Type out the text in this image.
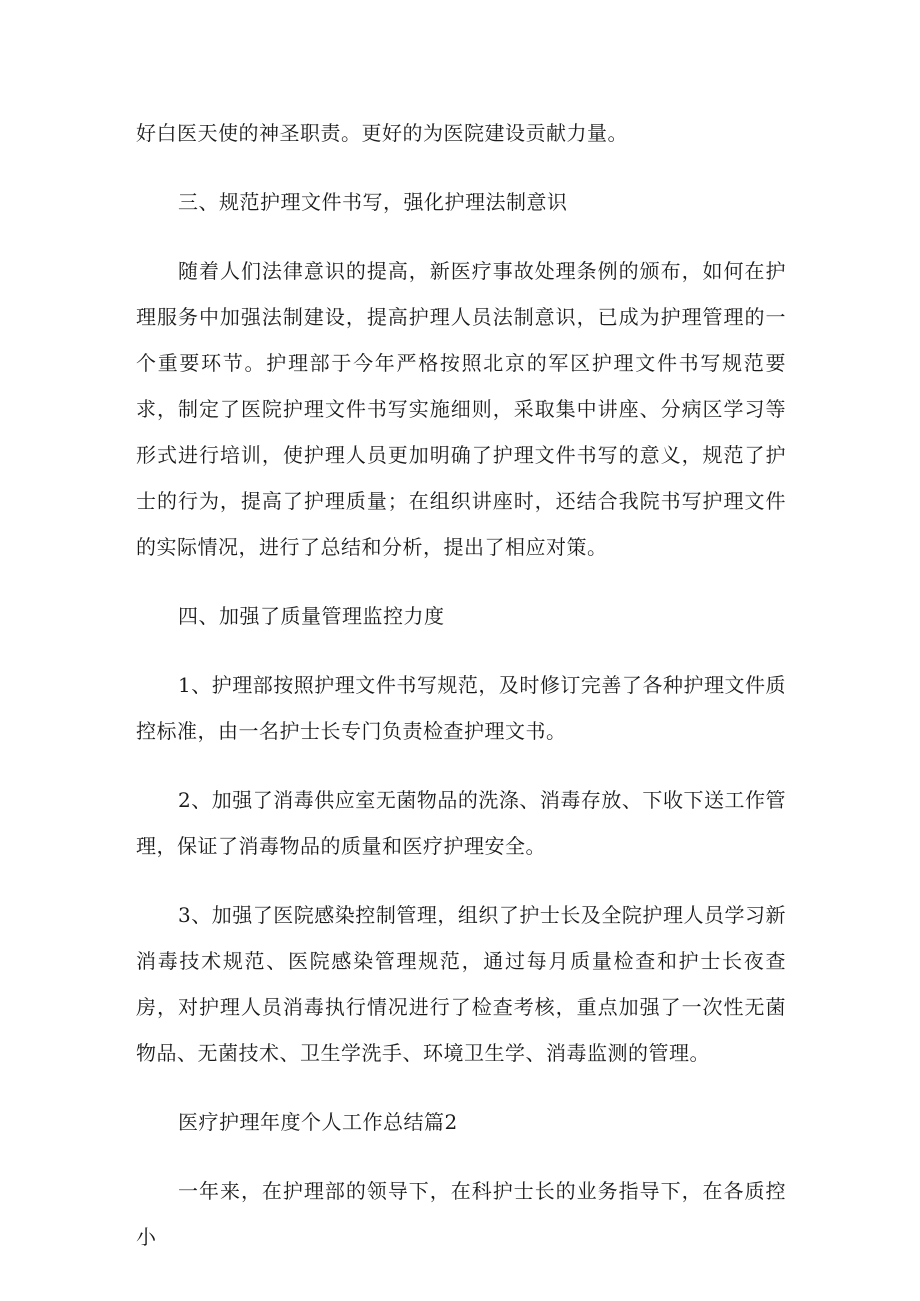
好白医天使的神圣职责。更好的为医院建设贡献力量。

三、规范护理文件书写，强化护理法制意识

随着人们法律意识的提高，新医疗事故处理条例的颁布，如何在护理服务中加强法制建设，提高护理人员法制意识，已成为护理管理的一个重要环节。护理部于今年严格按照北京的军区护理文件书写规范要求，制定了医院护理文件书写实施细则，采取集中讲座、分病区学习等形式进行培训，使护理人员更加明确了护理文件书写的意义，规范了护士的行为，提高了护理质量；在组织讲座时，还结合我院书写护理文件的实际情况，进行了总结和分析，提出了相应对策。

四、加强了质量管理监控力度

1、护理部按照护理文件书写规范，及时修订完善了各种护理文件质控标准，由一名护士长专门负责检查护理文书。

2、加强了消毒供应室无菌物品的洗涤、消毒存放、下收下送工作管理，保证了消毒物品的质量和医疗护理安全。

3、加强了医院感染控制管理，组织了护士长及全院护理人员学习新消毒技术规范、医院感染管理规范，通过每月质量检查和护士长夜查房，对护理人员消毒执行情况进行了检查考核，重点加强了一次性无菌物品、无菌技术、卫生学洗手、环境卫生学、消毒监测的管理。

医疗护理年度个人工作总结篇2

一年来，在护理部的领导下，在科护士长的业务指导下，在各质控小
